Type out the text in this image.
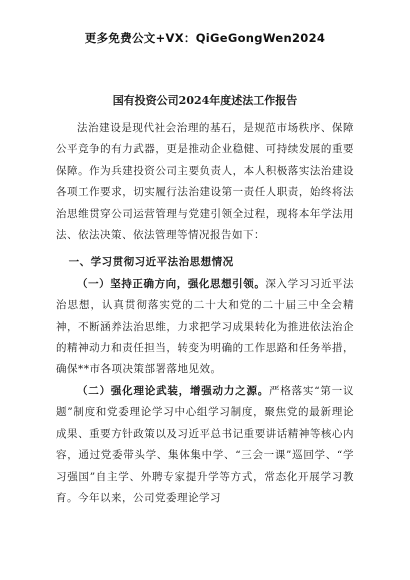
更多免费公文+VX：QiGeGongWen2024
国有投资公司2024年度述法工作报告

法治建设是现代社会治理的基石，是规范市场秩序、保障公平竞争的有力武器，更是推动企业稳健、可持续发展的重要保障。作为兵建投资公司主要负责人，本人积极落实法治建设各项工作要求，切实履行法治建设第一责任人职责，始终将法治思维贯穿公司运营管理与党建引领全过程，现将本年学法用法、依法决策、依法管理等情况报告如下：

一、学习贯彻习近平法治思想情况

（一）坚持正确方向，强化思想引领。深入学习习近平法治思想，认真贯彻落实党的二十大和党的二十届三中全会精神，不断涵养法治思维，力求把学习成果转化为推进依法治企的精神动力和责任担当，转变为明确的工作思路和任务举措，确保**市各项决策部署落地见效。

（二）强化理论武装，增强动力之源。严格落实“第一议题”制度和党委理论学习中心组学习制度，聚焦党的最新理论成果、重要方针政策以及习近平总书记重要讲话精神等核心内容，通过党委带头学、集体集中学、“三会一课”巡回学、“学习强国”自主学、外聘专家提升学等方式，常态化开展学习教育。今年以来，公司党委理论学习
